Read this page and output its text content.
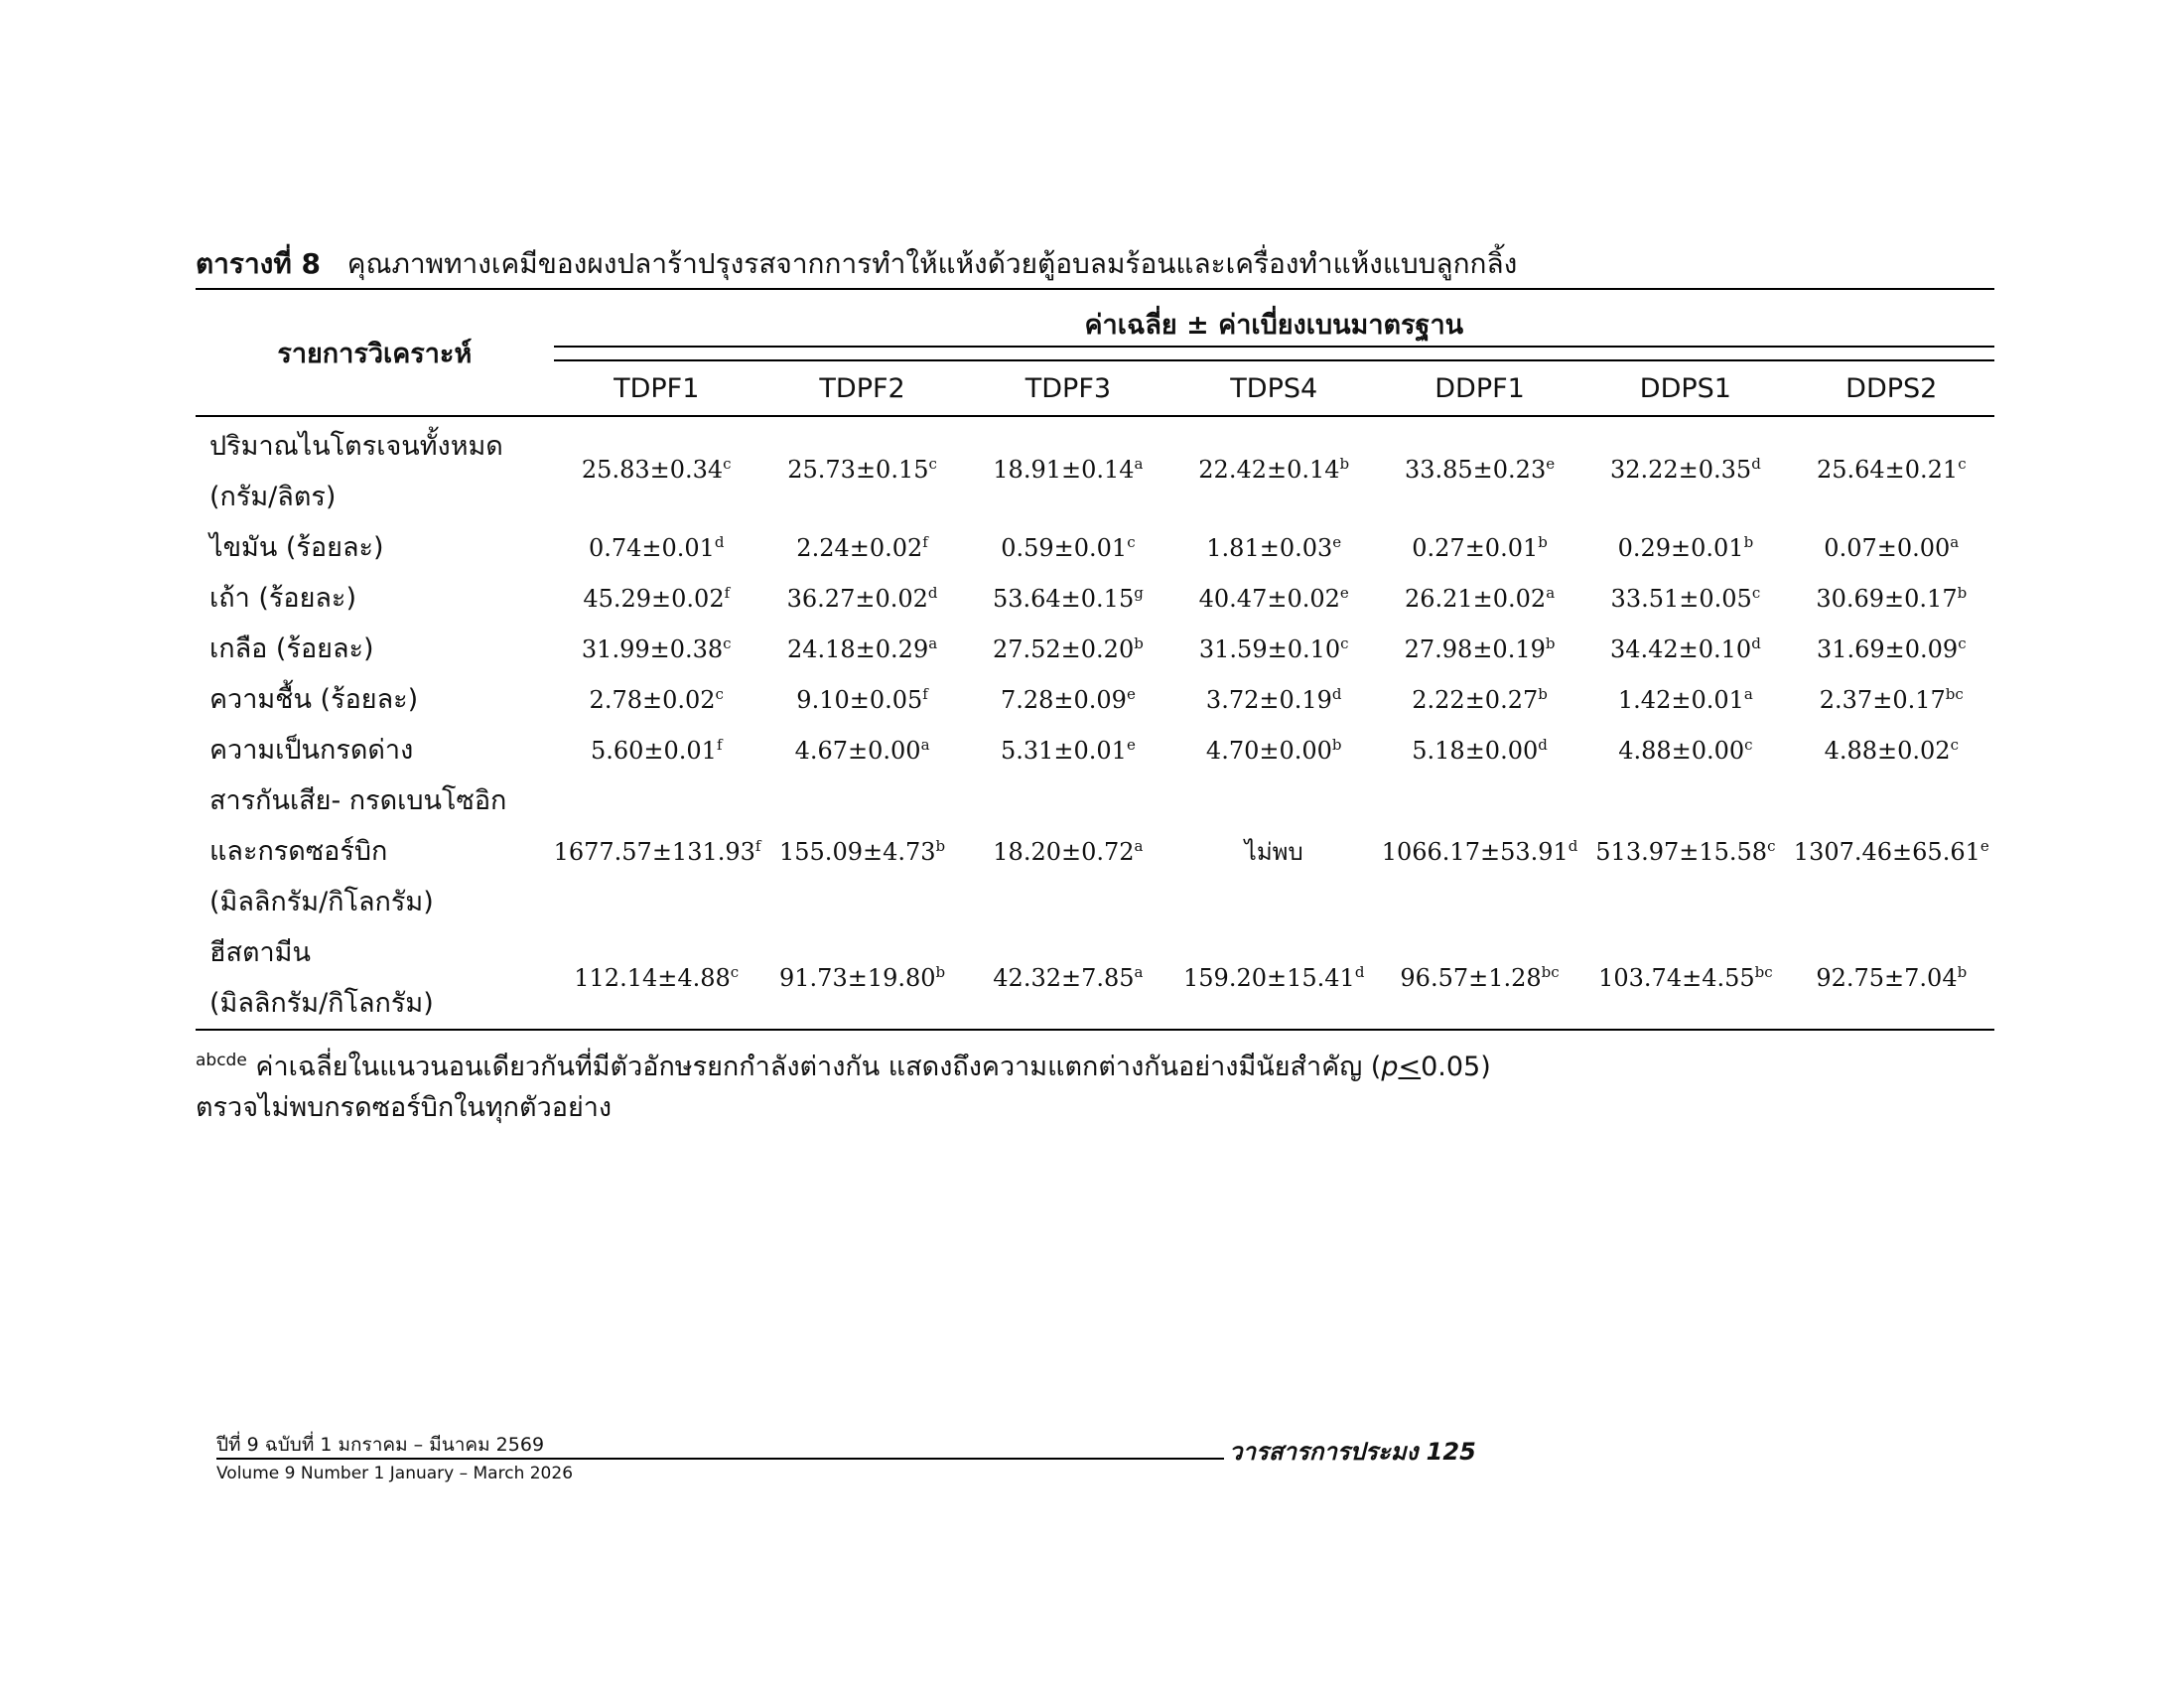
ตารางที่ 8 คุณภาพทางเคมีของผงปลาร้าปรุงรสจากการทำให้แห้งด้วยตู้อบลมร้อนและเครื่องทำแห้งแบบลูกกลิ้ง
รายการวิเคราะห์	ค่าเฉลี่ย ± ค่าเบี่ยงเบนมาตรฐาน						

	TDPF1	TDPF2	TDPF3	TDPS4	DDPF1	DDPS1	DDPS2

ปริมาณไนโตรเจนทั้งหมด
(กรัม/ลิตร)	25.83±0.34$^c$	25.73±0.15$^c$	18.91±0.14$^a$	22.42±0.14$^b$	33.85±0.23$^e$	32.22±0.35$^d$	25.64±0.21$^c$

ไขมัน (ร้อยละ)	0.74±0.01$^d$	2.24±0.02$^f$	0.59±0.01$^c$	1.81±0.03$^e$	0.27±0.01$^b$	0.29±0.01$^b$	0.07±0.00$^a$

เถ้า (ร้อยละ)	45.29±0.02$^f$	36.27±0.02$^d$	53.64±0.15$^g$	40.47±0.02$^e$	26.21±0.02$^a$	33.51±0.05$^c$	30.69±0.17$^b$

เกลือ (ร้อยละ)	31.99±0.38$^c$	24.18±0.29$^a$	27.52±0.20$^b$	31.59±0.10$^c$	27.98±0.19$^b$	34.42±0.10$^d$	31.69±0.09$^c$

ความชื้น (ร้อยละ)	2.78±0.02$^c$	9.10±0.05$^f$	7.28±0.09$^e$	3.72±0.19$^d$	2.22±0.27$^b$	1.42±0.01$^a$	2.37±0.17$^{bc}$

ความเป็นกรดด่าง	5.60±0.01$^f$	4.67±0.00$^a$	5.31±0.01$^e$	4.70±0.00$^b$	5.18±0.00$^d$	4.88±0.00$^c$	4.88±0.02$^c$

สารกันเสีย- กรดเบนโซอิก
และกรดซอร์บิก
(มิลลิกรัม/กิโลกรัม)	1677.57±131.93$^f$	155.09±4.73$^b$	18.20±0.72$^a$	ไม่พบ	1066.17±53.91$^d$	513.97±15.58$^c$	1307.46±65.61$^e$

ฮีสตามีน
(มิลลิกรัม/กิโลกรัม)	112.14±4.88$^c$	91.73±19.80$^b$	42.32±7.85$^a$	159.20±15.41$^d$	96.57±1.28$^{bc}$	103.74±4.55$^{bc}$	92.75±7.04$^b$
$^{abcde}$ ค่าเฉลี่ยในแนวนอนเดียวกันที่มีตัวอักษรยกกำลังต่างกัน แสดงถึงความแตกต่างกันอย่างมีนัยสำคัญ (p<0.05)
ตรวจไม่พบกรดซอร์บิกในทุกตัวอย่าง
ปีที่ 9 ฉบับที่ 1 มกราคม – มีนาคม 2569
Volume 9 Number 1 January – March 2026
วารสารการประมง 125
